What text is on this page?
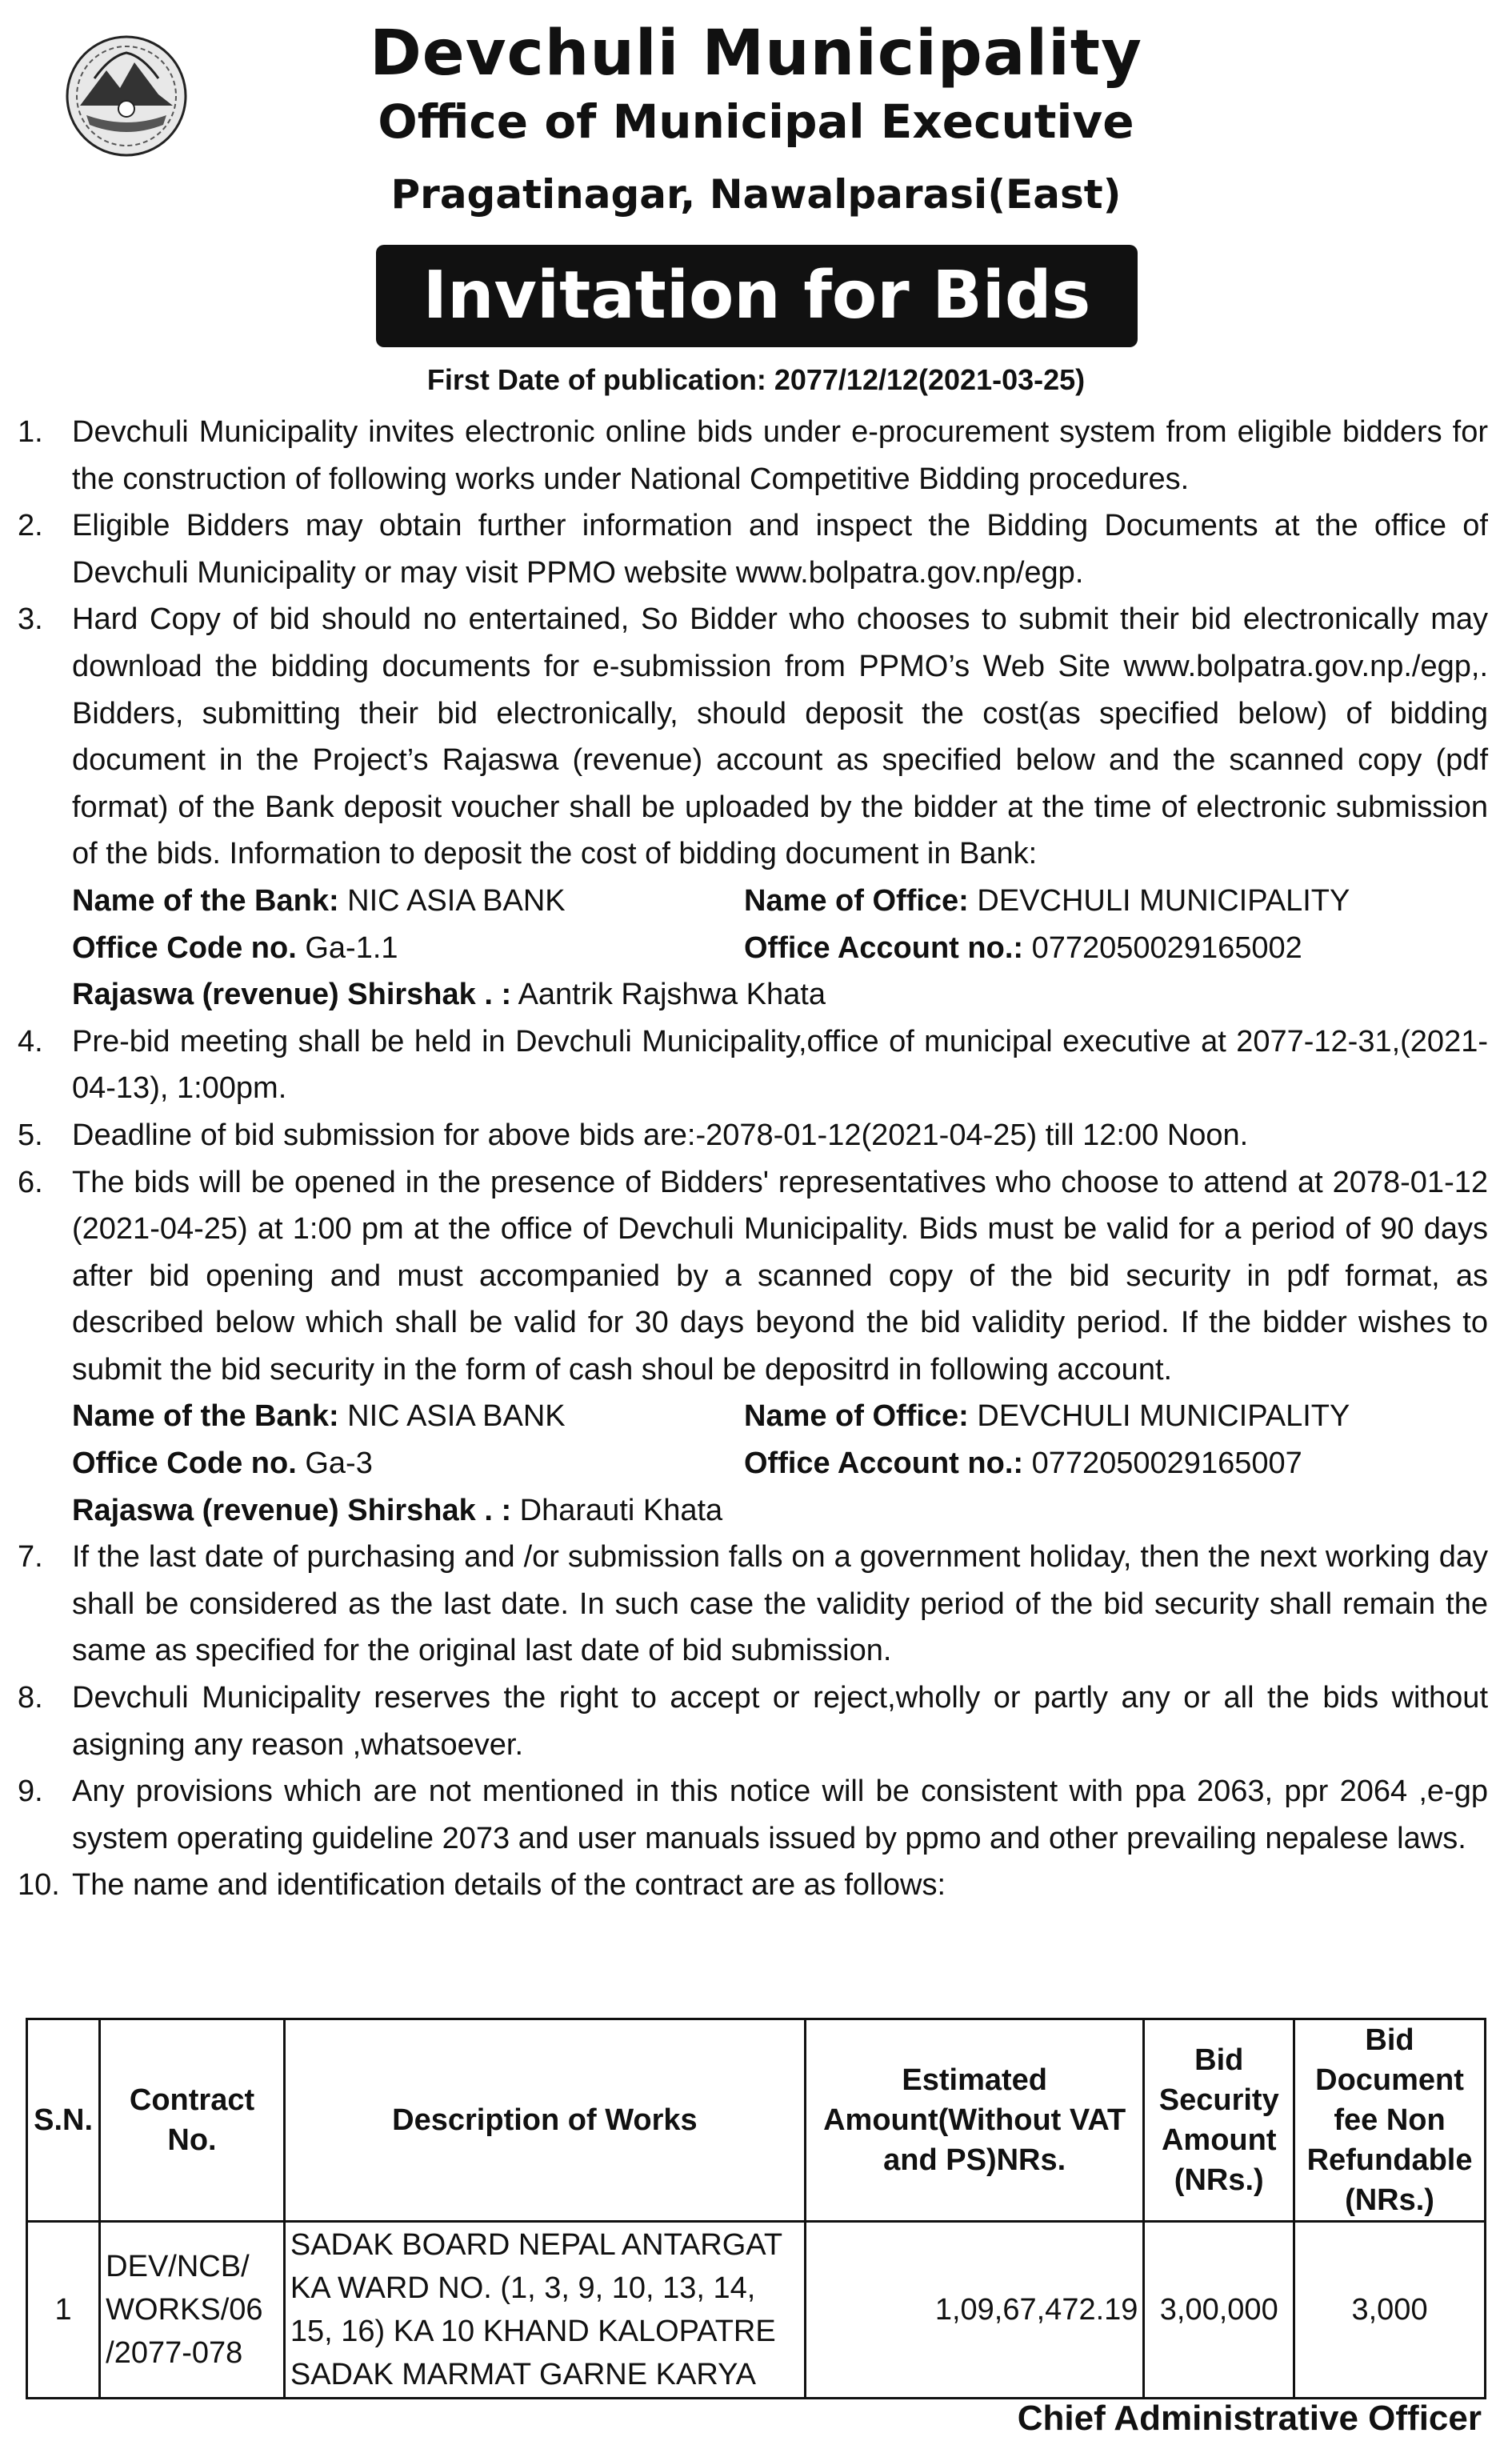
Devchuli Municipality
Office of Municipal Executive
Pragatinagar, Nawalparasi(East)
Invitation for Bids
First Date of publication: 2077/12/12(2021-03-25)
1. Devchuli Municipality invites electronic online bids under e-procurement system from eligible bidders for the construction of following works under National Competitive Bidding procedures.
2. Eligible Bidders may obtain further information and inspect the Bidding Documents at the office of Devchuli Municipality or may visit PPMO website www.bolpatra.gov.np/egp.
3. Hard Copy of bid should no entertained, So Bidder who chooses to submit their bid electronically may download the bidding documents for e-submission from PPMO’s Web Site www.bolpatra.gov.np./egp,. Bidders, submitting their bid electronically, should deposit the cost(as specified below) of bidding document in the Project’s Rajaswa (revenue) account as specified below and the scanned copy (pdf format) of the Bank deposit voucher shall be uploaded by the bidder at the time of electronic submission of the bids. Information to deposit the cost of bidding document in Bank:
Name of the Bank: NIC ASIA BANK	Name of Office: DEVCHULI MUNICIPALITY
Office Code no. Ga-1.1	Office Account no.: 0772050029165002
Rajaswa (revenue) Shirshak . : Aantrik Rajshwa Khata
4. Pre-bid meeting shall be held in Devchuli Municipality,office of municipal executive at 2077-12-31,(2021-04-13), 1:00pm.
5. Deadline of bid submission for above bids are:-2078-01-12(2021-04-25) till 12:00 Noon.
6. The bids will be opened in the presence of Bidders' representatives who choose to attend at 2078-01-12 (2021-04-25) at 1:00 pm at the office of Devchuli Municipality. Bids must be valid for a period of 90 days after bid opening and must accompanied by a scanned copy of the bid security in pdf format, as described below which shall be valid for 30 days beyond the bid validity period. If the bidder wishes to submit the bid security in the form of cash shoul be depositrd in following account.
Name of the Bank: NIC ASIA BANK	Name of Office: DEVCHULI MUNICIPALITY
Office Code no. Ga-3	Office Account no.: 0772050029165007
Rajaswa (revenue) Shirshak . : Dharauti Khata
7. If the last date of purchasing and /or submission falls on a government holiday, then the next working day shall be considered as the last date. In such case the validity period of the bid security shall remain the same as specified for the original last date of bid submission.
8. Devchuli Municipality reserves the right to accept or reject,wholly or partly any or all the bids without asigning any reason ,whatsoever.
9. Any provisions which are not mentioned in this notice will be consistent with ppa 2063, ppr 2064 ,e-gp system operating guideline 2073 and user manuals issued by ppmo and other prevailing nepalese laws.
10. The name and identification details of the contract are as follows:
S.N.	Contract No.	Description of Works	Estimated Amount(Without VAT and PS)NRs.	Bid Security Amount (NRs.)	Bid Document fee Non Refundable (NRs.)
1	DEV/NCB/ WORKS/06 /2077-078	SADAK BOARD NEPAL ANTARGAT KA WARD NO. (1, 3, 9, 10, 13, 14, 15, 16) KA 10 KHAND KALOPATRE SADAK MARMAT GARNE KARYA	1,09,67,472.19	3,00,000	3,000
Chief Administrative Officer
